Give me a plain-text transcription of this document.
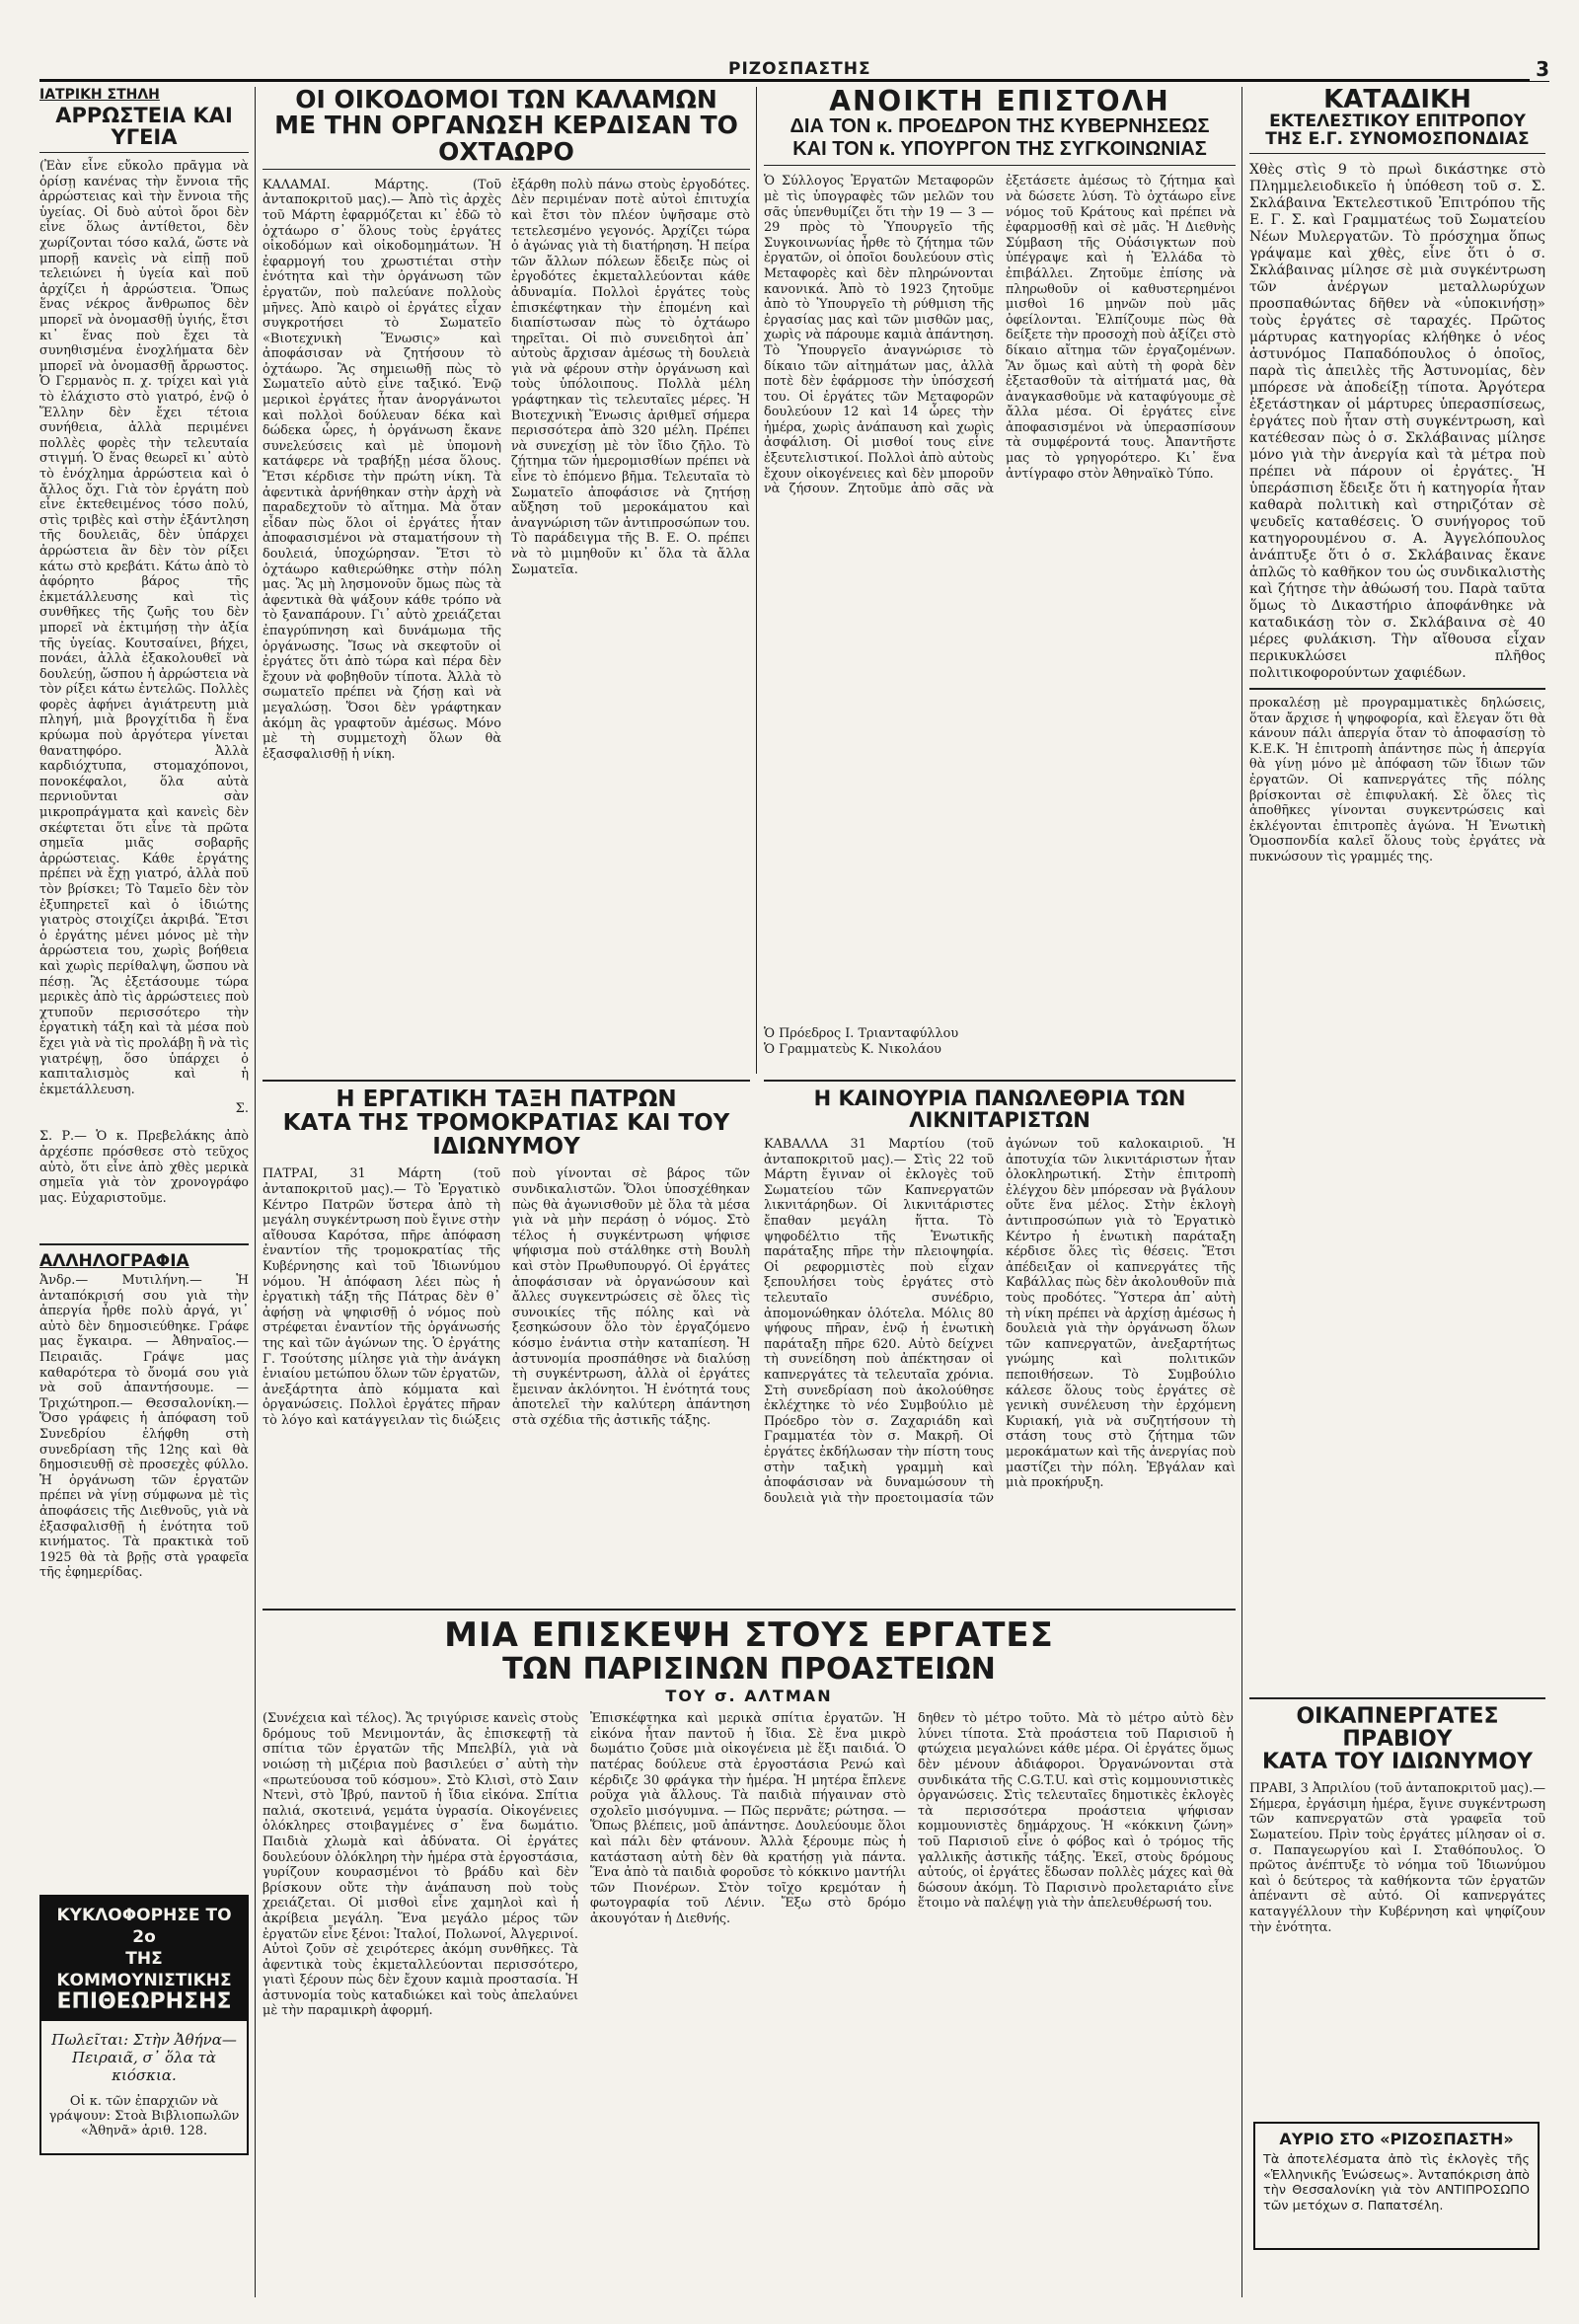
ΡΙΖΟΣΠΑΣΤΗΣ	3

ΙΑΤΡΙΚΗ ΣΤΗΛΗ

ΑΡΡΩΣΤΕΙΑ ΚΑΙ ΥΓΕΙΑ

(Ἐὰν εἶνε εὔκολο πρᾶγμα νὰ ὁρίσῃ κανένας τὴν ἔννοια τῆς ἀρρώστειας καὶ τὴν ἔννοια τῆς ὑγείας. Οἱ δυὸ αὐτοὶ ὅροι δὲν εἶνε ὅλως ἀντίθετοι, δὲν χωρίζονται τόσο καλά, ὥστε νὰ μπορῇ κανεὶς νὰ εἰπῇ ποῦ τελειώνει ἡ ὑγεία καὶ ποῦ ἀρχίζει ἡ ἀρρώστεια. Ὅπως ἕνας νέκρος ἄνθρωπος δὲν μπορεῖ νὰ ὀνομασθῇ ὑγιής, ἔτσι κι᾿ ἕνας ποὺ ἔχει τὰ συνηθισμένα ἐνοχλήματα δὲν μπορεῖ νὰ ὀνομασθῇ ἄρρωστος. Ὁ Γερμανὸς π. χ. τρίχει καὶ γιὰ τὸ ἐλάχιστο στὸ γιατρό, ἐνῷ ὁ Ἕλλην δὲν ἔχει τέτοια συνήθεια, ἀλλὰ περιμένει πολλὲς φορὲς τὴν τελευταία στιγμή. Ὁ ἕνας θεωρεῖ κι᾿ αὐτὸ τὸ ἐνόχλημα ἀρρώστεια καὶ ὁ ἄλλος ὄχι. Γιὰ τὸν ἐργάτη ποὺ εἶνε ἐκτεθειμένος τόσο πολύ, στὶς τριβὲς καὶ στὴν ἐξάντληση τῆς δουλειᾶς, δὲν ὑπάρχει ἀρρώστεια ἂν δὲν τὸν ρίξει κάτω στὸ κρεβάτι. Κάτω ἀπὸ τὸ ἀφόρητο βάρος τῆς ἐκμετάλλευσης καὶ τὶς συνθῆκες τῆς ζωῆς του δὲν μπορεῖ νὰ ἐκτιμήσῃ τὴν ἀξία τῆς ὑγείας. Κουτσαίνει, βήχει, πονάει, ἀλλὰ ἐξακολουθεῖ νὰ δουλεύῃ, ὥσπου ἡ ἀρρώστεια νὰ τὸν ρίξει κάτω ἐντελῶς. Πολλὲς φορὲς ἀφήνει ἀγιάτρευτη μιὰ πληγή, μιὰ βρογχίτιδα ἢ ἕνα κρύωμα ποὺ ἀργότερα γίνεται θανατηφόρο. Ἀλλὰ καρδιόχτυπα, στομαχόπονοι, πονοκέφαλοι, ὅλα αὐτὰ περνιοῦνται σὰν μικροπράγματα καὶ κανεὶς δὲν σκέφτεται ὅτι εἶνε τὰ πρῶτα σημεῖα μιᾶς σοβαρῆς ἀρρώστειας. Κάθε ἐργάτης πρέπει νὰ ἔχῃ γιατρό, ἀλλὰ ποῦ τὸν βρίσκει; Τὸ Ταμεῖο δὲν τὸν ἐξυπηρετεῖ καὶ ὁ ἰδιώτης γιατρὸς στοιχίζει ἀκριβά. Ἔτσι ὁ ἐργάτης μένει μόνος μὲ τὴν ἀρρώστεια του, χωρὶς βοήθεια καὶ χωρὶς περίθαλψη, ὥσπου νὰ πέσῃ. Ἂς ἐξετάσουμε τώρα μερικὲς ἀπὸ τὶς ἀρρώστειες ποὺ χτυποῦν περισσότερο τὴν ἐργατικὴ τάξη καὶ τὰ μέσα ποὺ ἔχει γιὰ νὰ τὶς προλάβῃ ἢ νὰ τὶς γιατρέψῃ, ὅσο ὑπάρχει ὁ καπιταλισμὸς καὶ ἡ ἐκμετάλλευση.

Σ.

Σ. Ρ.— Ὁ κ. Πρεβελάκης ἀπὸ ἀρχέσπε πρόσθεσε στὸ τεῦχος αὐτὸ, ὅτι εἶνε ἀπὸ χθὲς μερικὰ σημεῖα γιὰ τὸν χρονογράφο μας. Εὐχαριστοῦμε.

ΑΛΛΗΛΟΓΡΑΦΙΑ

Ἀνδρ.— Μυτιλήνη.— Ἡ ἀνταπόκρισή σου γιὰ τὴν ἀπεργία ἦρθε πολὺ ἀργά, γι᾿ αὐτὸ δὲν δημοσιεύθηκε. Γράφε μας ἔγκαιρα. — Ἀθηναῖος.— Πειραιᾶς. Γράψε μας καθαρότερα τὸ ὄνομά σου γιὰ νὰ σοῦ ἀπαντήσουμε. — Τριχώτηροπ.— Θεσσαλονίκη.— Ὅσο γράφεις ἡ ἀπόφαση τοῦ Συνεδρίου ἐλήφθη στὴ συνεδρίαση τῆς 12ης καὶ θὰ δημοσιευθῇ σὲ προσεχὲς φύλλο. Ἡ ὀργάνωση τῶν ἐργατῶν πρέπει νὰ γίνῃ σύμφωνα μὲ τὶς ἀποφάσεις τῆς Διεθνοῦς, γιὰ νὰ ἐξασφαλισθῇ ἡ ἑνότητα τοῦ κινήματος. Τὰ πρακτικὰ τοῦ 1925 θὰ τὰ βρῇς στὰ γραφεῖα τῆς ἐφημερίδας.

ΚΥΚΛΟΦΟΡΗΣΕ ΤΟ 2ο
ΤΗΣ ΚΟΜΜΟΥΝΙΣΤΙΚΗΣ
ΕΠΙΘΕΩΡΗΣΗΣ

Πωλεῖται: Στὴν Ἀθήνα— Πειραιᾶ, σ᾿ ὅλα τὰ κιόσκια.

Οἱ κ. τῶν ἐπαρχιῶν νὰ γράψουν: Στοὰ Βιβλιοπωλῶν «Ἀθηνᾶ» ἀριθ. 128.

ΟΙ ΟΙΚΟΔΟΜΟΙ ΤΩΝ ΚΑΛΑΜΩΝ
ΜΕ ΤΗΝ ΟΡΓΑΝΩΣΗ ΚΕΡΔΙΣΑΝ ΤΟ ΟΧΤΑΩΡΟ

ΚΑΛΑΜΑΙ. Μάρτης. (Τοῦ ἀνταποκριτοῦ μας).— Ἀπὸ τὶς ἀρχὲς τοῦ Μάρτη ἐφαρμόζεται κι᾿ ἐδῶ τὸ ὀχτάωρο σ᾿ ὅλους τοὺς ἐργάτες οἰκοδόμων καὶ οἰκοδομημάτων. Ἡ ἐφαρμογή του χρωστιέται στὴν ἐνότητα καὶ τὴν ὀργάνωση τῶν ἐργατῶν, ποὺ παλεύανε πολλοὺς μῆνες. Ἀπὸ καιρὸ οἱ ἐργάτες εἶχαν συγκροτήσει τὸ Σωματεῖο «Βιοτεχνικὴ Ἕνωσις» καὶ ἀποφάσισαν νὰ ζητήσουν τὸ ὀχτάωρο. Ἂς σημειωθῇ πὼς τὸ Σωματεῖο αὐτὸ εἶνε ταξικό. Ἐνῷ μερικοὶ ἐργάτες ἦταν ἀνοργάνωτοι καὶ πολλοὶ δούλευαν δέκα καὶ δώδεκα ὧρες, ἡ ὀργάνωση ἔκανε συνελεύσεις καὶ μὲ ὑπομονὴ κατάφερε νὰ τραβήξῃ μέσα ὅλους. Ἔτσι κέρδισε τὴν πρώτη νίκη. Τὰ ἀφεντικὰ ἀρνήθηκαν στὴν ἀρχὴ νὰ παραδεχτοῦν τὸ αἴτημα. Μὰ ὅταν εἶδαν πὼς ὅλοι οἱ ἐργάτες ἦταν ἀποφασισμένοι νὰ σταματήσουν τὴ δουλειά, ὑποχώρησαν. Ἔτσι τὸ ὀχτάωρο καθιερώθηκε στὴν πόλη μας. Ἂς μὴ λησμονοῦν ὅμως πὼς τὰ ἀφεντικὰ θὰ ψάξουν κάθε τρόπο νὰ τὸ ξαναπάρουν. Γι᾿ αὐτὸ χρειάζεται ἐπαγρύπνηση καὶ δυνάμωμα τῆς ὀργάνωσης. Ἴσως νὰ σκεφτοῦν οἱ ἐργάτες ὅτι ἀπὸ τώρα καὶ πέρα δὲν ἔχουν νὰ φοβηθοῦν τίποτα. Ἀλλὰ τὸ σωματεῖο πρέπει νὰ ζήσῃ καὶ νὰ μεγαλώσῃ. Ὅσοι δὲν γράφτηκαν ἀκόμη ἂς γραφτοῦν ἀμέσως. Μόνο μὲ τὴ συμμετοχὴ ὅλων θὰ ἐξασφαλισθῇ ἡ νίκη.

ἐξάρθη πολὺ πάνω στοὺς ἐργοδότες. Δὲν περιμέναν ποτὲ αὐτοὶ ἐπιτυχία καὶ ἔτσι τὸν πλέον ὑψῆσαμε στὸ τετελεσμένο γεγονός. Ἀρχίζει τώρα ὁ ἀγώνας γιὰ τὴ διατήρηση. Ἡ πείρα τῶν ἄλλων πόλεων ἔδειξε πὼς οἱ ἐργοδότες ἐκμεταλλεύονται κάθε ἀδυναμία. Πολλοὶ ἐργάτες τοὺς ἐπισκέφτηκαν τὴν ἐπομένη καὶ διαπίστωσαν πὼς τὸ ὀχτάωρο τηρεῖται. Οἱ πιὸ συνειδητοὶ ἀπ᾿ αὐτοὺς ἄρχισαν ἀμέσως τὴ δουλειὰ γιὰ νὰ φέρουν στὴν ὀργάνωση καὶ τοὺς ὑπόλοιπους. Πολλὰ μέλη γράφτηκαν τὶς τελευταῖες μέρες. Ἡ Βιοτεχνικὴ Ἕνωσις ἀριθμεῖ σήμερα περισσότερα ἀπὸ 320 μέλη. Πρέπει νὰ συνεχίσῃ μὲ τὸν ἴδιο ζῆλο. Τὸ ζήτημα τῶν ἡμερομισθίων πρέπει νὰ εἶνε τὸ ἑπόμενο βῆμα. Τελευταῖα τὸ Σωματεῖο ἀποφάσισε νὰ ζητήσῃ αὔξηση τοῦ μεροκάματου καὶ ἀναγνώριση τῶν ἀντιπροσώπων του. Τὸ παράδειγμα τῆς Β. Ε. Ο. πρέπει νὰ τὸ μιμηθοῦν κι᾿ ὅλα τὰ ἄλλα Σωματεῖα.

ΑΝΟΙΚΤΗ ΕΠΙΣΤΟΛΗ

ΔΙΑ ΤΟΝ κ. ΠΡΟΕΔΡΟΝ ΤΗΣ ΚΥΒΕΡΝΗΣΕΩΣ

ΚΑΙ ΤΟΝ κ. ΥΠΟΥΡΓΟΝ ΤΗΣ ΣΥΓΚΟΙΝΩΝΙΑΣ

Ὁ Σύλλογος Ἐργατῶν Μεταφορῶν μὲ τὶς ὑπογραφὲς τῶν μελῶν του σᾶς ὑπενθυμίζει ὅτι τὴν 19 — 3 — 29 πρὸς τὸ Ὑπουργεῖο τῆς Συγκοινωνίας ἦρθε τὸ ζήτημα τῶν ἐργατῶν, οἱ ὁποῖοι δουλεύουν στὶς Μεταφορὲς καὶ δὲν πληρώνονται κανονικά. Ἀπὸ τὸ 1923 ζητοῦμε ἀπὸ τὸ Ὑπουργεῖο τὴ ρύθμιση τῆς ἐργασίας μας καὶ τῶν μισθῶν μας, χωρὶς νὰ πάρουμε καμιὰ ἀπάντηση. Τὸ Ὑπουργεῖο ἀναγνώρισε τὸ δίκαιο τῶν αἰτημάτων μας, ἀλλὰ ποτὲ δὲν ἐφάρμοσε τὴν ὑπόσχεσή του. Οἱ ἐργάτες τῶν Μεταφορῶν δουλεύουν 12 καὶ 14 ὧρες τὴν ἡμέρα, χωρὶς ἀνάπαυση καὶ χωρὶς ἀσφάλιση. Οἱ μισθοί τους εἶνε ἐξευτελιστικοί. Πολλοὶ ἀπὸ αὐτοὺς ἔχουν οἰκογένειες καὶ δὲν μποροῦν νὰ ζήσουν. Ζητοῦμε ἀπὸ σᾶς νὰ ἐξετάσετε ἀμέσως τὸ ζήτημα καὶ νὰ δώσετε λύση. Τὸ ὀχτάωρο εἶνε νόμος τοῦ Κράτους καὶ πρέπει νὰ ἐφαρμοσθῇ καὶ σὲ μᾶς. Ἡ Διεθνὴς Σύμβαση τῆς Οὐάσιγκτων ποὺ ὑπέγραψε καὶ ἡ Ἑλλάδα τὸ ἐπιβάλλει. Ζητοῦμε ἐπίσης νὰ πληρωθοῦν οἱ καθυστερημένοι μισθοὶ 16 μηνῶν ποὺ μᾶς ὀφείλονται. Ἐλπίζουμε πὼς θὰ δείξετε τὴν προσοχὴ ποὺ ἀξίζει στὸ δίκαιο αἴτημα τῶν ἐργαζομένων. Ἂν ὅμως καὶ αὐτὴ τὴ φορὰ δὲν ἐξετασθοῦν τὰ αἰτήματά μας, θὰ ἀναγκασθοῦμε νὰ καταφύγουμε σὲ ἄλλα μέσα. Οἱ ἐργάτες εἶνε ἀποφασισμένοι νὰ ὑπερασπίσουν τὰ συμφέροντά τους. Ἀπαντῆστε μας τὸ γρηγορότερο. Κι᾿ ἕνα ἀντίγραφο στὸν Ἀθηναϊκὸ Τύπο.

Ὁ Πρόεδρος Ι. Τριανταφύλλου

Ὁ Γραμματεὺς Κ. Νικολάου

Η ΚΑΙΝΟΥΡΙΑ ΠΑΝΩΛΕΘΡΙΑ ΤΩΝ ΛΙΚΝΙΤΑΡΙΣΤΩΝ

ΚΑΒΑΛΛΑ 31 Μαρτίου (τοῦ ἀνταποκριτοῦ μας).— Στὶς 22 τοῦ Μάρτη ἔγιναν οἱ ἐκλογὲς τοῦ Σωματείου τῶν Καπνεργατῶν λικνιτάρηδων. Οἱ λικνιτάριστες ἔπαθαν μεγάλη ἥττα. Τὸ ψηφοδέλτιο τῆς Ἑνωτικῆς παράταξης πῆρε τὴν πλειοψηφία. Οἱ ρεφορμιστὲς ποὺ εἶχαν ξεπουλήσει τοὺς ἐργάτες στὸ τελευταῖο συνέδριο, ἀπομονώθηκαν ὁλότελα. Μόλις 80 ψήφους πῆραν, ἐνῷ ἡ ἑνωτικὴ παράταξη πῆρε 620. Αὐτὸ δείχνει τὴ συνείδηση ποὺ ἀπέκτησαν οἱ καπνεργάτες τὰ τελευταῖα χρόνια. Στὴ συνεδρίαση ποὺ ἀκολούθησε ἐκλέχτηκε τὸ νέο Συμβούλιο μὲ Πρόεδρο τὸν σ. Ζαχαριάδη καὶ Γραμματέα τὸν σ. Μακρῆ. Οἱ ἐργάτες ἐκδήλωσαν τὴν πίστη τους στὴν ταξικὴ γραμμὴ καὶ ἀποφάσισαν νὰ δυναμώσουν τὴ δουλειὰ γιὰ τὴν προετοιμασία τῶν ἀγώνων τοῦ καλοκαιριοῦ. Ἡ ἀποτυχία τῶν λικνιτάριστων ἦταν ὁλοκληρωτική. Στὴν ἐπιτροπὴ ἐλέγχου δὲν μπόρεσαν νὰ βγάλουν οὔτε ἕνα μέλος. Στὴν ἐκλογὴ ἀντιπροσώπων γιὰ τὸ Ἐργατικὸ Κέντρο ἡ ἑνωτικὴ παράταξη κέρδισε ὅλες τὶς θέσεις. Ἔτσι ἀπέδειξαν οἱ καπνεργάτες τῆς Καβάλλας πὼς δὲν ἀκολουθοῦν πιὰ τοὺς προδότες. Ὕστερα ἀπ᾿ αὐτὴ τὴ νίκη πρέπει νὰ ἀρχίσῃ ἀμέσως ἡ δουλειὰ γιὰ τὴν ὀργάνωση ὅλων τῶν καπνεργατῶν, ἀνεξαρτήτως γνώμης καὶ πολιτικῶν πεποιθήσεων. Τὸ Συμβούλιο κάλεσε ὅλους τοὺς ἐργάτες σὲ γενικὴ συνέλευση τὴν ἐρχόμενη Κυριακή, γιὰ νὰ συζητήσουν τὴ στάση τους στὸ ζήτημα τῶν μεροκάματων καὶ τῆς ἀνεργίας ποὺ μαστίζει τὴν πόλη. Ἐβγάλαν καὶ μιὰ προκήρυξη.

Η ΕΡΓΑΤΙΚΗ ΤΑΞΗ ΠΑΤΡΩΝ
ΚΑΤΑ ΤΗΣ ΤΡΟΜΟΚΡΑΤΙΑΣ ΚΑΙ ΤΟΥ ΙΔΙΩΝΥΜΟΥ

ΠΑΤΡΑΙ, 31 Μάρτη (τοῦ ἀνταποκριτοῦ μας).— Τὸ Ἐργατικὸ Κέντρο Πατρῶν ὕστερα ἀπὸ τὴ μεγάλη συγκέντρωση ποὺ ἔγινε στὴν αἴθουσα Καρότσα, πῆρε ἀπόφαση ἐναντίον τῆς τρομοκρατίας τῆς Κυβέρνησης καὶ τοῦ Ἰδιωνύμου νόμου. Ἡ ἀπόφαση λέει πὼς ἡ ἐργατικὴ τάξη τῆς Πάτρας δὲν θ᾿ ἀφήσῃ νὰ ψηφισθῇ ὁ νόμος ποὺ στρέφεται ἐναντίον τῆς ὀργάνωσής της καὶ τῶν ἀγώνων της. Ὁ ἐργάτης Γ. Τσούτσης μίλησε γιὰ τὴν ἀνάγκη ἑνιαίου μετώπου ὅλων τῶν ἐργατῶν, ἀνεξάρτητα ἀπὸ κόμματα καὶ ὀργανώσεις. Πολλοὶ ἐργάτες πῆραν τὸ λόγο καὶ κατάγγειλαν τὶς διώξεις ποὺ γίνονται σὲ βάρος τῶν συνδικαλιστῶν. Ὅλοι ὑποσχέθηκαν πὼς θὰ ἀγωνισθοῦν μὲ ὅλα τὰ μέσα γιὰ νὰ μὴν περάσῃ ὁ νόμος. Στὸ τέλος ἡ συγκέντρωση ψήφισε ψήφισμα ποὺ στάλθηκε στὴ Βουλὴ καὶ στὸν Πρωθυπουργό. Οἱ ἐργάτες ἀποφάσισαν νὰ ὀργανώσουν καὶ ἄλλες συγκεντρώσεις σὲ ὅλες τὶς συνοικίες τῆς πόλης καὶ νὰ ξεσηκώσουν ὅλο τὸν ἐργαζόμενο κόσμο ἐνάντια στὴν καταπίεση. Ἡ ἀστυνομία προσπάθησε νὰ διαλύσῃ τὴ συγκέντρωση, ἀλλὰ οἱ ἐργάτες ἔμειναν ἀκλόνητοι. Ἡ ἐνότητά τους ἀποτελεῖ τὴν καλύτερη ἀπάντηση στὰ σχέδια τῆς ἀστικῆς τάξης.

ΜΙΑ ΕΠΙΣΚΕΨΗ ΣΤΟΥΣ ΕΡΓΑΤΕΣ
ΤΩΝ ΠΑΡΙΣΙΝΩΝ ΠΡΟΑΣΤΕΙΩΝ

ΤΟΥ σ. ΑΛΤΜΑΝ

(Συνέχεια καὶ τέλος). Ἄς τριγύρισε κανεὶς στοὺς δρόμους τοῦ Μενιμοντάν, ἂς ἐπισκεφτῇ τὰ σπίτια τῶν ἐργατῶν τῆς Μπελβίλ, γιὰ νὰ νοιώσῃ τὴ μιζέρια ποὺ βασιλεύει σ᾿ αὐτὴ τὴν «πρωτεύουσα τοῦ κόσμου». Στὸ Κλισὶ, στὸ Σαιν Ντενὶ, στὸ Ἰβρύ, παντοῦ ἡ ἴδια εἰκόνα. Σπίτια παλιά, σκοτεινά, γεμάτα ὑγρασία. Οἰκογένειες ὁλόκληρες στοιβαγμένες σ᾿ ἕνα δωμάτιο. Παιδιὰ χλωμὰ καὶ ἀδύνατα. Οἱ ἐργάτες δουλεύουν ὁλόκληρη τὴν ἡμέρα στὰ ἐργοστάσια, γυρίζουν κουρασμένοι τὸ βράδυ καὶ δὲν βρίσκουν οὔτε τὴν ἀνάπαυση ποὺ τοὺς χρειάζεται. Οἱ μισθοὶ εἶνε χαμηλοὶ καὶ ἡ ἀκρίβεια μεγάλη. Ἕνα μεγάλο μέρος τῶν ἐργατῶν εἶνε ξένοι: Ἰταλοί, Πολωνοί, Ἀλγερινοί. Αὐτοὶ ζοῦν σὲ χειρότερες ἀκόμη συνθῆκες. Τὰ ἀφεντικὰ τοὺς ἐκμεταλλεύονται περισσότερο, γιατὶ ξέρουν πὼς δὲν ἔχουν καμιὰ προστασία. Ἡ ἀστυνομία τοὺς καταδιώκει καὶ τοὺς ἀπελαύνει μὲ τὴν παραμικρὴ ἀφορμή.

Ἐπισκέφτηκα καὶ μερικὰ σπίτια ἐργατῶν. Ἡ εἰκόνα ἦταν παντοῦ ἡ ἴδια. Σὲ ἕνα μικρὸ δωμάτιο ζοῦσε μιὰ οἰκογένεια μὲ ἕξι παιδιά. Ὁ πατέρας δούλευε στὰ ἐργοστάσια Ρενώ καὶ κέρδιζε 30 φράγκα τὴν ἡμέρα. Ἡ μητέρα ἔπλενε ροῦχα γιὰ ἄλλους. Τὰ παιδιὰ πήγαιναν στὸ σχολεῖο μισόγυμνα. — Πῶς περνᾶτε; ρώτησα. — Ὅπως βλέπεις, μοῦ ἀπάντησε. Δουλεύουμε ὅλοι καὶ πάλι δὲν φτάνουν. Ἀλλὰ ξέρουμε πὼς ἡ κατάσταση αὐτὴ δὲν θὰ κρατήσῃ γιὰ πάντα. Ἕνα ἀπὸ τὰ παιδιὰ φοροῦσε τὸ κόκκινο μαντήλι τῶν Πιονέρων. Στὸν τοῖχο κρεμόταν ἡ φωτογραφία τοῦ Λένιν. Ἔξω στὸ δρόμο ἀκουγόταν ἡ Διεθνής.

δηθεν τὸ μέτρο τοῦτο. Μὰ τὸ μέτρο αὐτὸ δὲν λύνει τίποτα. Στὰ προάστεια τοῦ Παρισιοῦ ἡ φτώχεια μεγαλώνει κάθε μέρα. Οἱ ἐργάτες ὅμως δὲν μένουν ἀδιάφοροι. Ὀργανώνονται στὰ συνδικάτα τῆς C.G.T.U. καὶ στὶς κομμουνιστικὲς ὀργανώσεις. Στὶς τελευταῖες δημοτικὲς ἐκλογὲς τὰ περισσότερα προάστεια ψήφισαν κομμουνιστὲς δημάρχους. Ἡ «κόκκινη ζώνη» τοῦ Παρισιοῦ εἶνε ὁ φόβος καὶ ὁ τρόμος τῆς γαλλικῆς ἀστικῆς τάξης. Ἐκεῖ, στοὺς δρόμους αὐτούς, οἱ ἐργάτες ἔδωσαν πολλὲς μάχες καὶ θὰ δώσουν ἀκόμη. Τὸ Παρισινὸ προλεταριάτο εἶνε ἕτοιμο νὰ παλέψῃ γιὰ τὴν ἀπελευθέρωσή του.

ΚΑΤΑΔΙΚΗ
ΕΚΤΕΛΕΣΤΙΚΟΥ ΕΠΙΤΡΟΠΟΥ
ΤΗΣ Ε.Γ. ΣΥΝΟΜΟΣΠΟΝΔΙΑΣ

Χθὲς στὶς 9 τὸ πρωὶ δικάστηκε στὸ Πλημμελειοδικεῖο ἡ ὑπόθεση τοῦ σ. Σ. Σκλάβαινα Ἐκτελεστικοῦ Ἐπιτρόπου τῆς Ε. Γ. Σ. καὶ Γραμματέως τοῦ Σωματείου Νέων Μυλεργατῶν. Τὸ πρόσχημα ὅπως γράψαμε καὶ χθὲς, εἶνε ὅτι ὁ σ. Σκλάβαινας μίλησε σὲ μιὰ συγκέντρωση τῶν ἀνέργων μεταλλωρύχων προσπαθώντας δῆθεν νὰ «ὑποκινήσῃ» τοὺς ἐργάτες σὲ ταραχές. Πρῶτος μάρτυρας κατηγορίας κλήθηκε ὁ νέος ἀστυνόμος Παπαδόπουλος ὁ ὁποῖος, παρὰ τὶς ἀπειλὲς τῆς Ἀστυνομίας, δὲν μπόρεσε νὰ ἀποδείξῃ τίποτα. Ἀργότερα ἐξετάστηκαν οἱ μάρτυρες ὑπερασπίσεως, ἐργάτες ποὺ ἦταν στὴ συγκέντρωση, καὶ κατέθεσαν πὼς ὁ σ. Σκλάβαινας μίλησε μόνο γιὰ τὴν ἀνεργία καὶ τὰ μέτρα ποὺ πρέπει νὰ πάρουν οἱ ἐργάτες. Ἡ ὑπεράσπιση ἔδειξε ὅτι ἡ κατηγορία ἦταν καθαρὰ πολιτικὴ καὶ στηριζόταν σὲ ψευδεῖς καταθέσεις. Ὁ συνήγορος τοῦ κατηγορουμένου σ. Α. Ἀγγελόπουλος ἀνάπτυξε ὅτι ὁ σ. Σκλάβαινας ἔκανε ἁπλῶς τὸ καθῆκον του ὡς συνδικαλιστὴς καὶ ζήτησε τὴν ἀθώωσή του. Παρὰ ταῦτα ὅμως τὸ Δικαστήριο ἀποφάνθηκε νὰ καταδικάσῃ τὸν σ. Σκλάβαινα σὲ 40 μέρες φυλάκιση. Τὴν αἴθουσα εἶχαν περικυκλώσει πλῆθος πολιτικοφορούντων χαφιέδων.

προκαλέσῃ μὲ προγραμματικὲς δηλώσεις, ὅταν ἄρχισε ἡ ψηφοφορία, καὶ ἔλεγαν ὅτι θὰ κάνουν πάλι ἀπεργία ὅταν τὸ ἀποφασίσῃ τὸ Κ.Ε.Κ. Ἡ ἐπιτροπὴ ἀπάντησε πὼς ἡ ἀπεργία θὰ γίνῃ μόνο μὲ ἀπόφαση τῶν ἴδιων τῶν ἐργατῶν. Οἱ καπνεργάτες τῆς πόλης βρίσκονται σὲ ἐπιφυλακή. Σὲ ὅλες τὶς ἀποθῆκες γίνονται συγκεντρώσεις καὶ ἐκλέγονται ἐπιτροπὲς ἀγώνα. Ἡ Ἑνωτικὴ Ὁμοσπονδία καλεῖ ὅλους τοὺς ἐργάτες νὰ πυκνώσουν τὶς γραμμές της.

ΟΙΚΑΠΝΕΡΓΑΤΕΣ ΠΡΑΒΙΟΥ
ΚΑΤΑ ΤΟΥ ΙΔΙΩΝΥΜΟΥ

ΠΡΑΒΙ, 3 Ἀπριλίου (τοῦ ἀνταποκριτοῦ μας).— Σήμερα, ἐργάσιμη ἡμέρα, ἔγινε συγκέντρωση τῶν καπνεργατῶν στὰ γραφεῖα τοῦ Σωματείου. Πρὶν τοὺς ἐργάτες μίλησαν οἱ σ. σ. Παπαγεωργίου καὶ Ι. Σταθόπουλος. Ὁ πρῶτος ἀνέπτυξε τὸ νόημα τοῦ Ἰδιωνύμου καὶ ὁ δεύτερος τὰ καθήκοντα τῶν ἐργατῶν ἀπέναντι σὲ αὐτό. Οἱ καπνεργάτες καταγγέλλουν τὴν Κυβέρνηση καὶ ψηφίζουν τὴν ἑνότητα.

ΑΥΡΙΟ ΣΤΟ «ΡΙΖΟΣΠΑΣΤΗ»

Τὰ ἀποτελέσματα ἀπὸ τὶς ἐκλογὲς τῆς «Ἑλληνικῆς Ἑνώσεως». Ἀνταπόκριση ἀπὸ τὴν Θεσσαλονίκη γιὰ τὸν ΑΝΤΙΠΡΟΣΩΠΟ τῶν μετόχων σ. Παπατσέλη.
